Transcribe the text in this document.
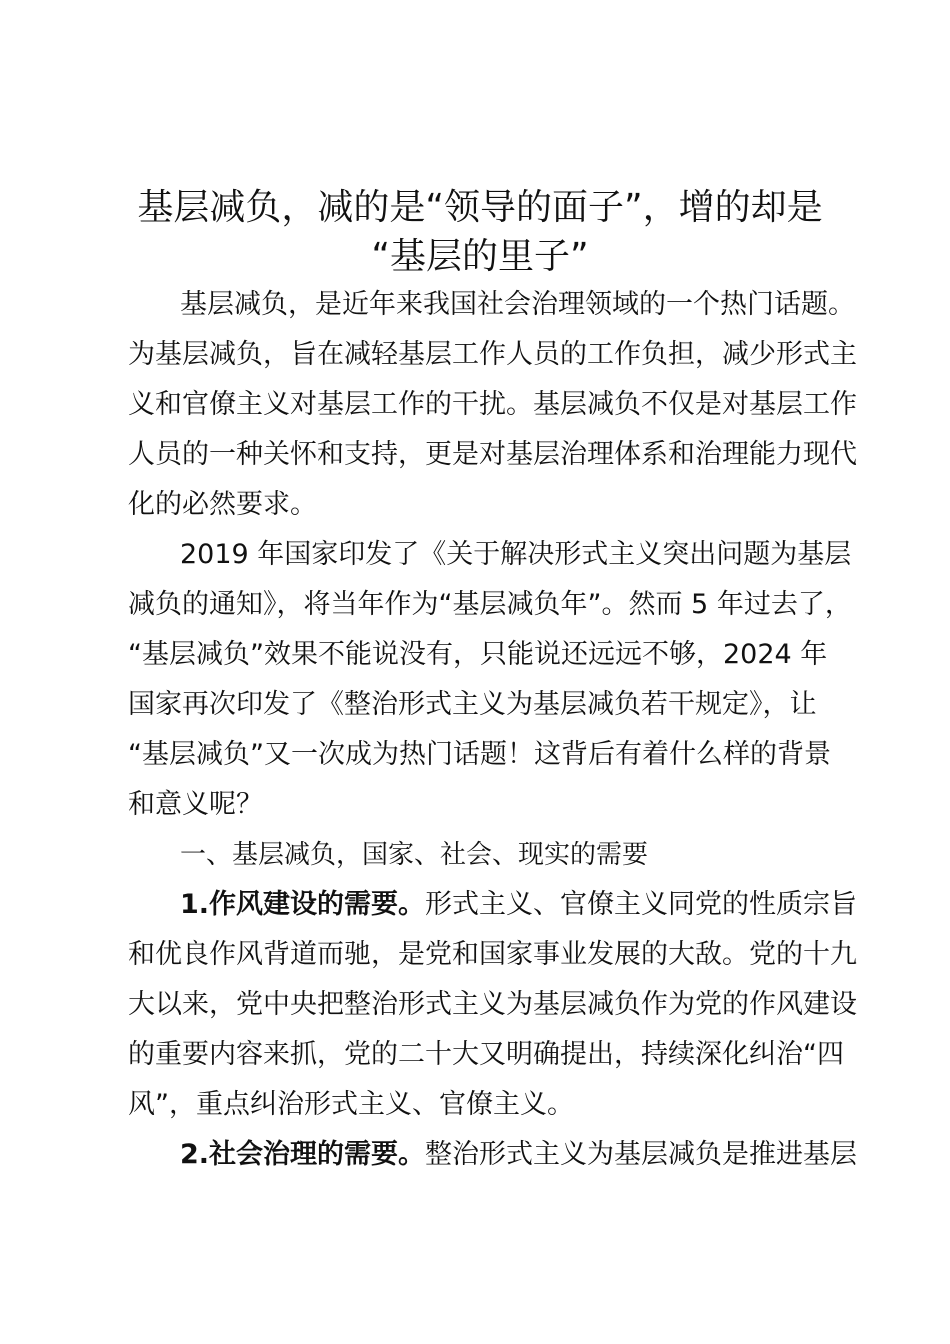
基层减负，减的是“领导的面子”，增的却是
“基层的里子”
基层减负，是近年来我国社会治理领域的一个热门话题。
为基层减负，旨在减轻基层工作人员的工作负担，减少形式主
义和官僚主义对基层工作的干扰。基层减负不仅是对基层工作
人员的一种关怀和支持，更是对基层治理体系和治理能力现代
化的必然要求。
2019 年国家印发了《关于解决形式主义突出问题为基层
减负的通知》，将当年作为“基层减负年”。然而 5 年过去了，
“基层减负”效果不能说没有，只能说还远远不够，2024 年
国家再次印发了《整治形式主义为基层减负若干规定》，让
“基层减负”又一次成为热门话题！这背后有着什么样的背景
和意义呢？
一、基层减负，国家、社会、现实的需要
1.作风建设的需要。形式主义、官僚主义同党的性质宗旨
和优良作风背道而驰，是党和国家事业发展的大敌。党的十九
大以来，党中央把整治形式主义为基层减负作为党的作风建设
的重要内容来抓，党的二十大又明确提出，持续深化纠治“四
风”，重点纠治形式主义、官僚主义。
2.社会治理的需要。整治形式主义为基层减负是推进基层
